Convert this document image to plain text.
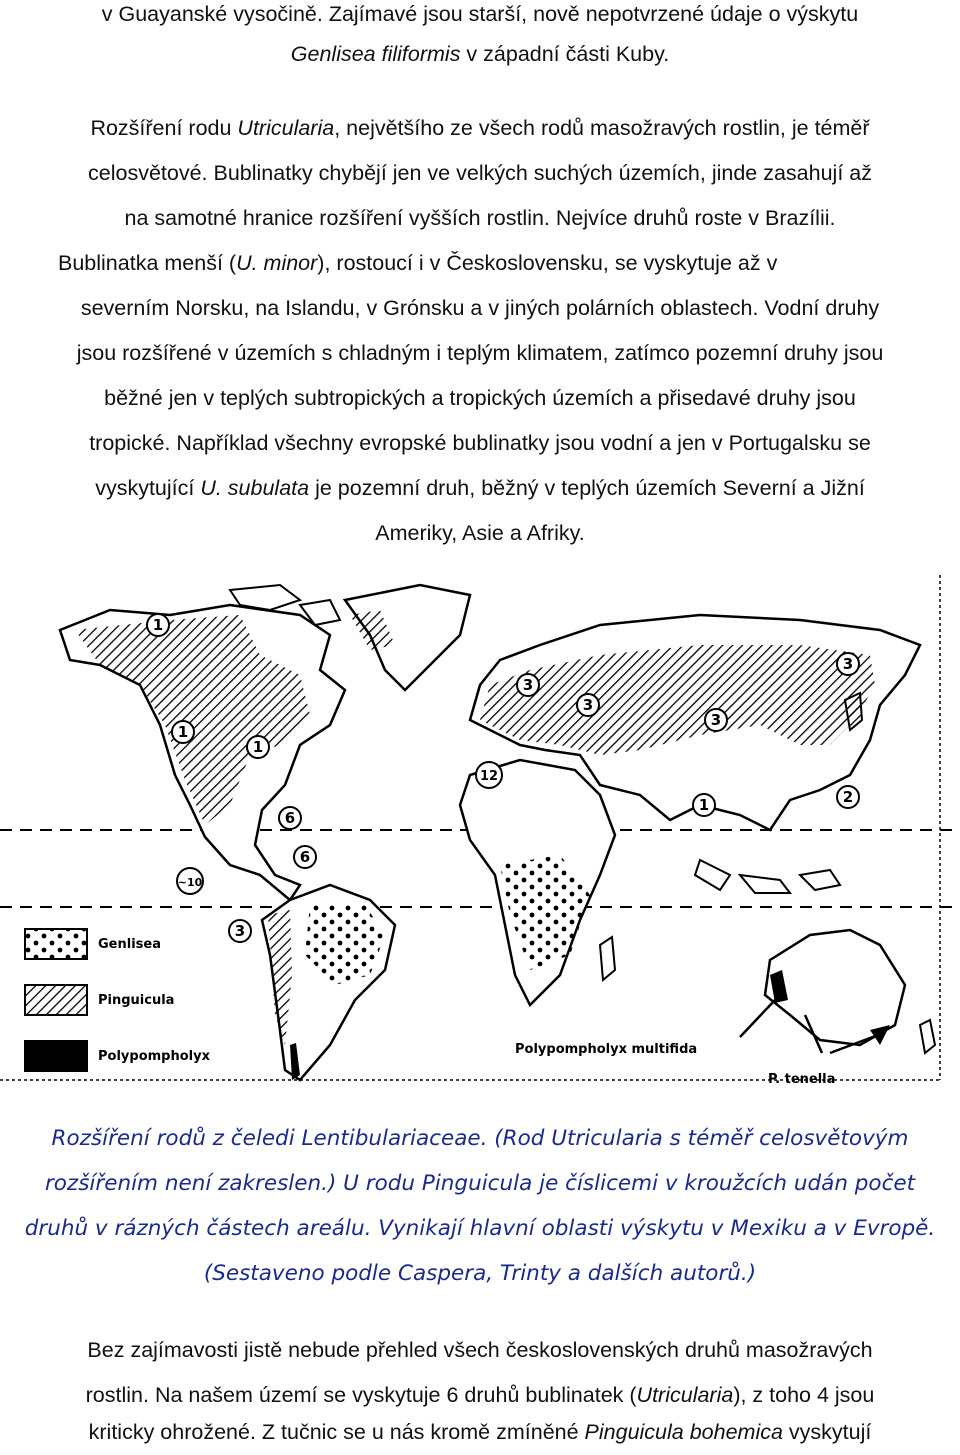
v Guayanské vysočině. Zajímavé jsou starší, nově nepotvrzené údaje o výskytu
Genlisea filiformis v západní části Kuby.
Rozšíření rodu Utricularia, největšího ze všech rodů masožravých rostlin, je téměř
celosvětové. Bublinatky chybějí jen ve velkých suchých územích, jinde zasahují až
na samotné hranice rozšíření vyšších rostlin. Nejvíce druhů roste v Brazílii.
Bublinatka menší (U. minor), rostoucí i v Československu, se vyskytuje až v
severním Norsku, na Islandu, v Grónsku a v jiných polárních oblastech. Vodní druhy
jsou rozšířené v územích s chladným i teplým klimatem, zatímco pozemní druhy jsou
běžné jen v teplých subtropických a tropických územích a přisedavé druhy jsou
tropické. Například všechny evropské bublinatky jsou vodní a jen v Portugalsku se
vyskytující U. subulata je pozemní druh, běžný v teplých územích Severní a Jižní
Ameriky, Asie a Afriky.
1
1
1
6
6
~10
3
3
3
3
3
12
1	2
Genlisea
Pinguicula
Polypompholyx	Polypompholyx multifida
P. tenella
Rozšíření rodů z čeledi Lentibulariaceae. (Rod Utricularia s téměř celosvětovým
rozšířením není zakreslen.) U rodu Pinguicula je číslicemi v kroužcích udán počet
druhů v rázných částech areálu. Vynikají hlavní oblasti výskytu v Mexiku a v Evropě.
(Sestaveno podle Caspera, Trinty a dalších autorů.)
Bez zajímavosti jistě nebude přehled všech československých druhů masožravých
rostlin. Na našem území se vyskytuje 6 druhů bublinatek (Utricularia), z toho 4 jsou
kriticky ohrožené. Z tučnic se u nás kromě zmíněné Pinguicula bohemica vyskytují
